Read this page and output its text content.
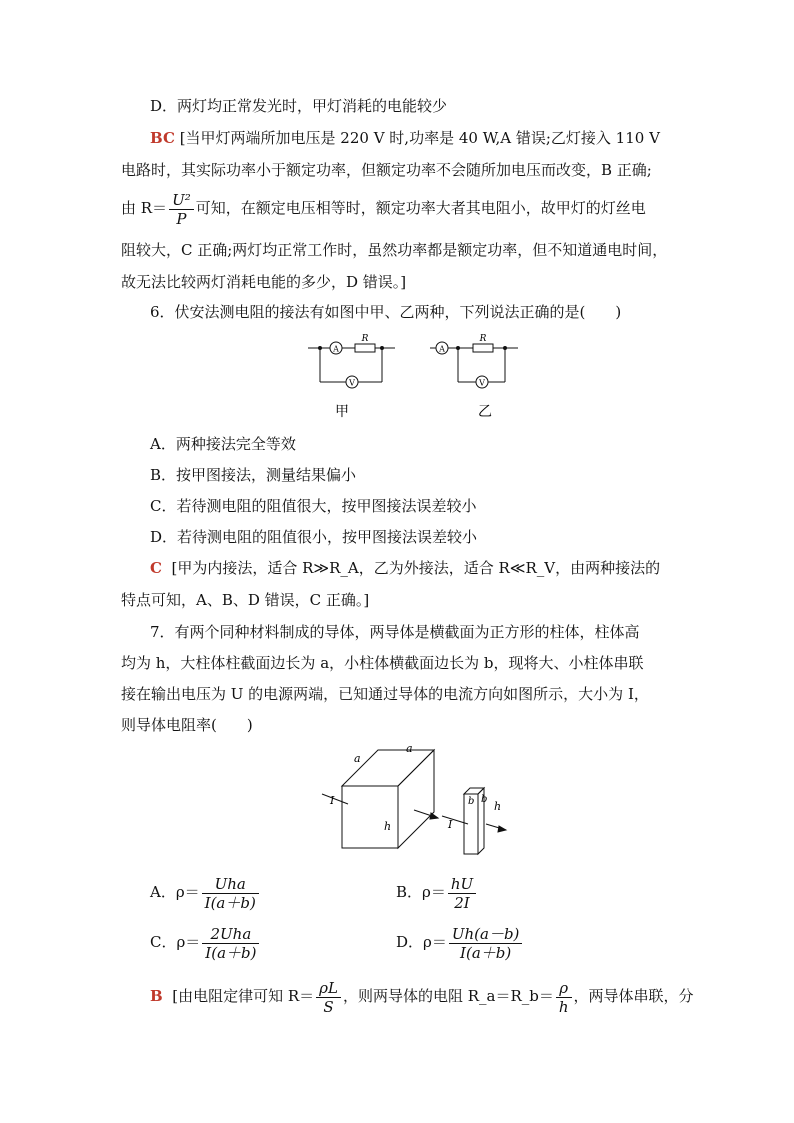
D．两灯均正常发光时，甲灯消耗的电能较少
BC [当甲灯两端所加电压是 220 V 时,功率是 40 W,A 错误;乙灯接入 110 V
电路时，其实际功率小于额定功率，但额定功率不会随所加电压而改变，B 正确;
由 $R= \frac{\text{U²}}{P}$ 可知，在额定电压相等时，额定功率大者其电阻小，故甲灯的灯丝电
阻较大，C 正确;两灯均正常工作时，虽然功率都是额定功率，但不知道通电时间，
故无法比较两灯消耗电能的多少，D 错误。]
6．伏安法测电阻的接法有如图中甲、乙两种，下列说法正确的是(　　)
A
V
R
A
V
R
甲	乙
A．两种接法完全等效
B．按甲图接法，测量结果偏小
C．若待测电阻的阻值很大，按甲图接法误差较小
D．若待测电阻的阻值很小，按甲图接法误差较小
C [甲为内接法，适合 R≫R_A，乙为外接法，适合 R≪R_V，由两种接法的
特点可知，A、B、D 错误，C 正确。]
7．有两个同种材料制成的导体，两导体是横截面为正方形的柱体，柱体高
均为 h，大柱体柱截面边长为 a，小柱体横截面边长为 b，现将大、小柱体串联
接在输出电压为 U 的电源两端，已知通过导体的电流方向如图所示，大小为 I，
则导体电阻率(　　)
a
a
I
h	I
b b
h
A．$\rho= \frac{\text{Uha}}{I(a+b)}$	B．$\rho= \frac{hU}{2I}$
C．$\rho= \frac{\text{2Uha}}{I(a+b)}$	D．$\rho= \frac{Uh(a-b)}{I(a+b)}$
B [由电阻定律可知 $R= \frac{\rho L}{S}$ ，则两导体的电阻 R_a＝R_b＝ $\frac{\rho}{h}$ ，两导体串联，分
